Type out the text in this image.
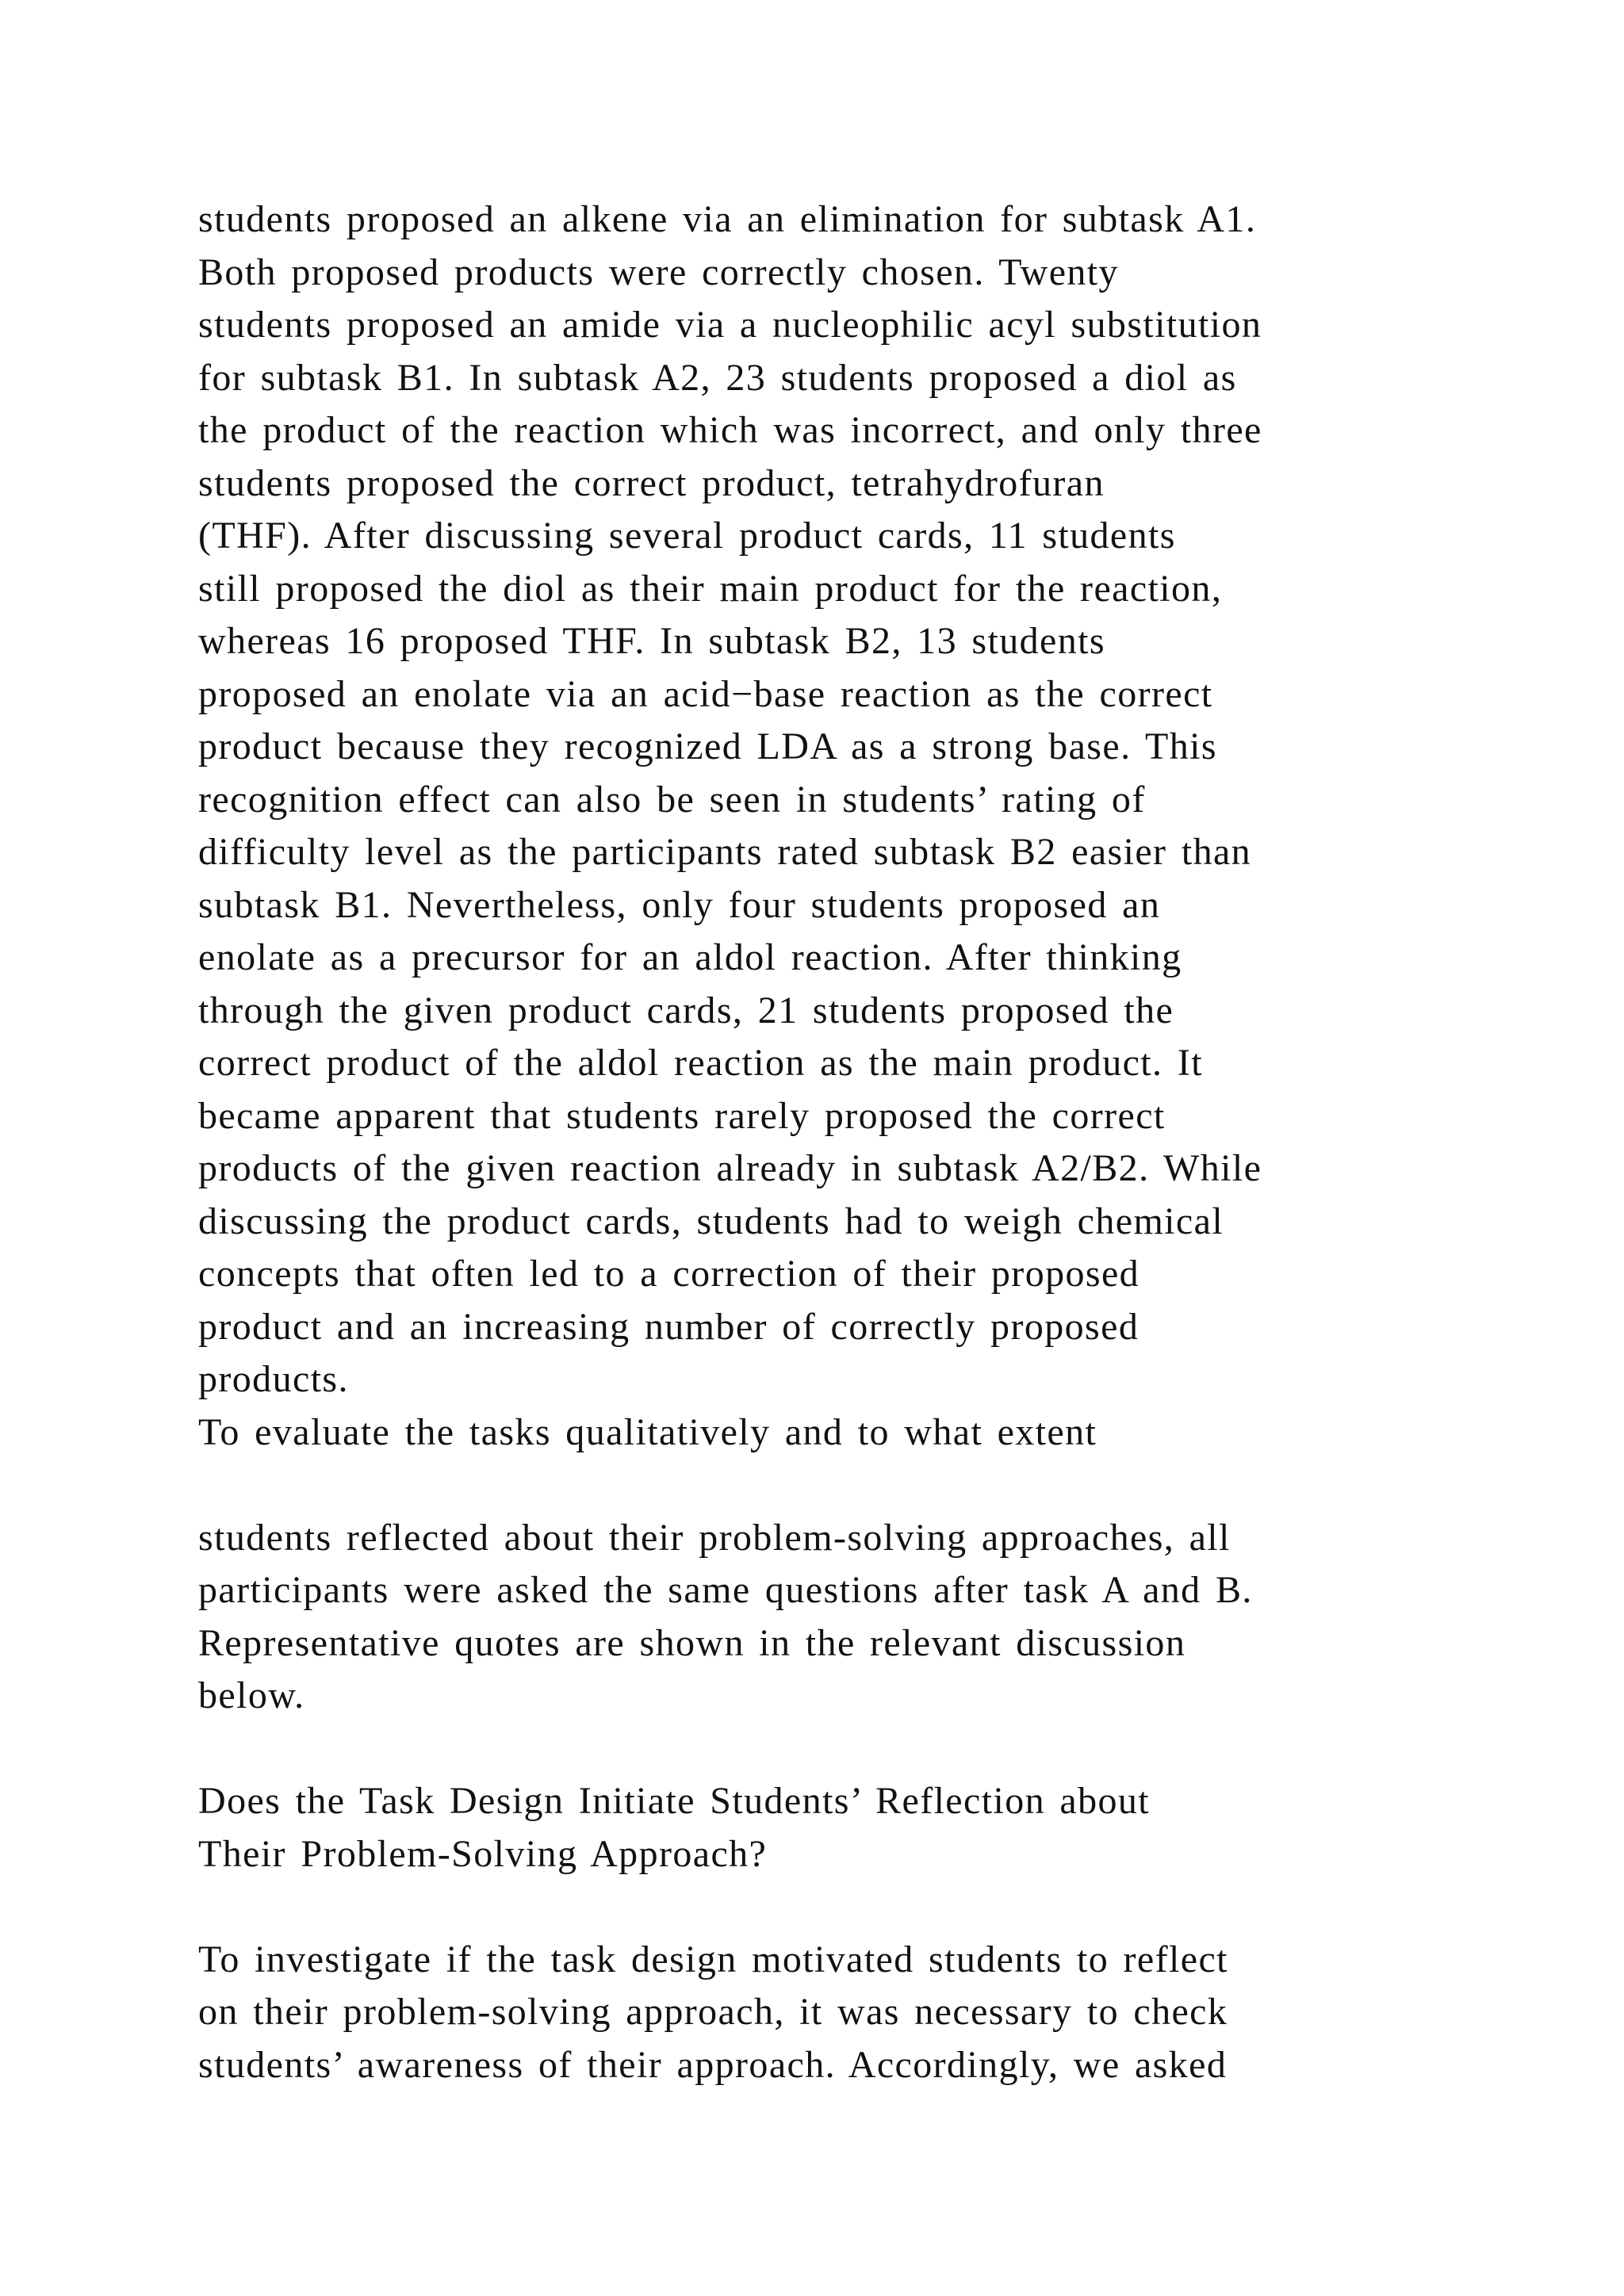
students proposed an alkene via an elimination for subtask A1.
Both proposed products were correctly chosen. Twenty
students proposed an amide via a nucleophilic acyl substitution
for subtask B1. In subtask A2, 23 students proposed a diol as
the product of the reaction which was incorrect, and only three
students proposed the correct product, tetrahydrofuran
(THF). After discussing several product cards, 11 students
still proposed the diol as their main product for the reaction,
whereas 16 proposed THF. In subtask B2, 13 students
proposed an enolate via an acid−base reaction as the correct
product because they recognized LDA as a strong base. This
recognition effect can also be seen in students’ rating of
difficulty level as the participants rated subtask B2 easier than
subtask B1. Nevertheless, only four students proposed an
enolate as a precursor for an aldol reaction. After thinking
through the given product cards, 21 students proposed the
correct product of the aldol reaction as the main product. It
became apparent that students rarely proposed the correct
products of the given reaction already in subtask A2/B2. While
discussing the product cards, students had to weigh chemical
concepts that often led to a correction of their proposed
product and an increasing number of correctly proposed
products.
To evaluate the tasks qualitatively and to what extent
students reflected about their problem-solving approaches, all
participants were asked the same questions after task A and B.
Representative quotes are shown in the relevant discussion
below.
Does the Task Design Initiate Students’ Reflection about
Their Problem-Solving Approach?
To investigate if the task design motivated students to reflect
on their problem-solving approach, it was necessary to check
students’ awareness of their approach. Accordingly, we asked
